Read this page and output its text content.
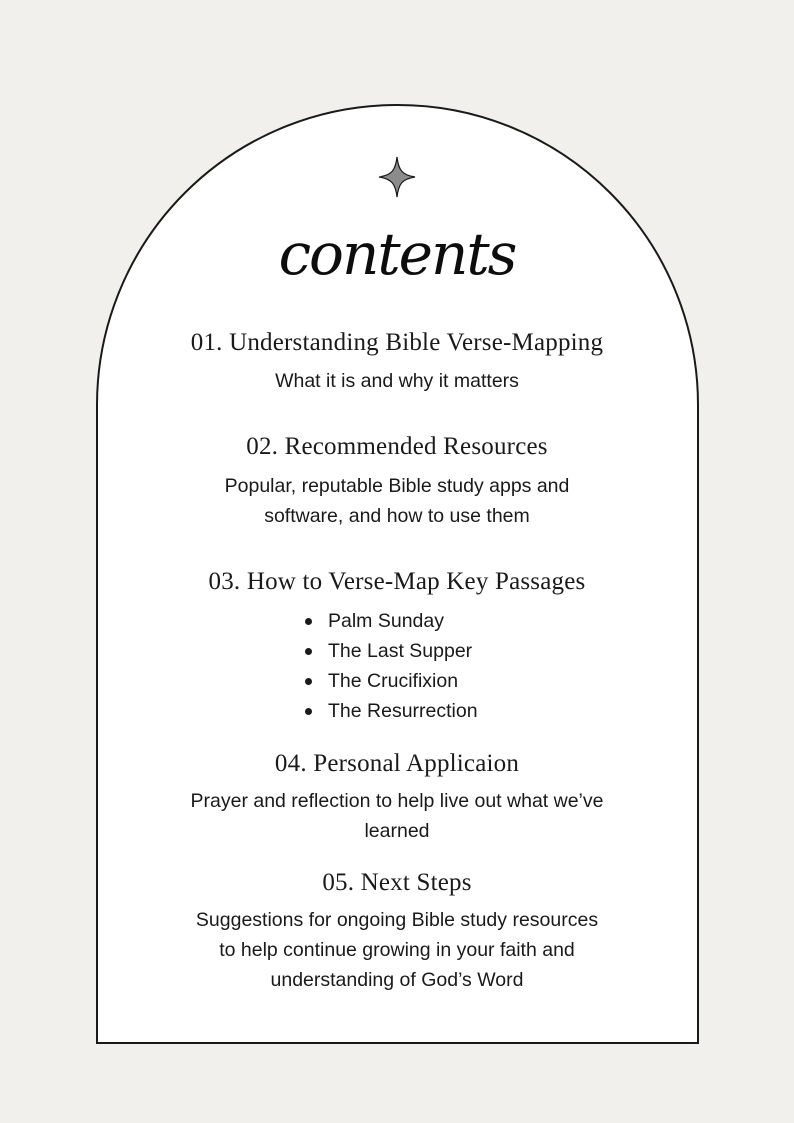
contents
01. Understanding Bible Verse-Mapping
What it is and why it matters
02. Recommended Resources
Popular, reputable Bible study apps and
software, and how to use them
03. How to Verse-Map Key Passages
04. Personal Applicaion
Prayer and reflection to help live out what we’ve
learned
05. Next Steps
Suggestions for ongoing Bible study resources
to help continue growing in your faith and
understanding of God’s Word
Palm Sunday
The Last Supper
The Crucifixion
The Resurrection
